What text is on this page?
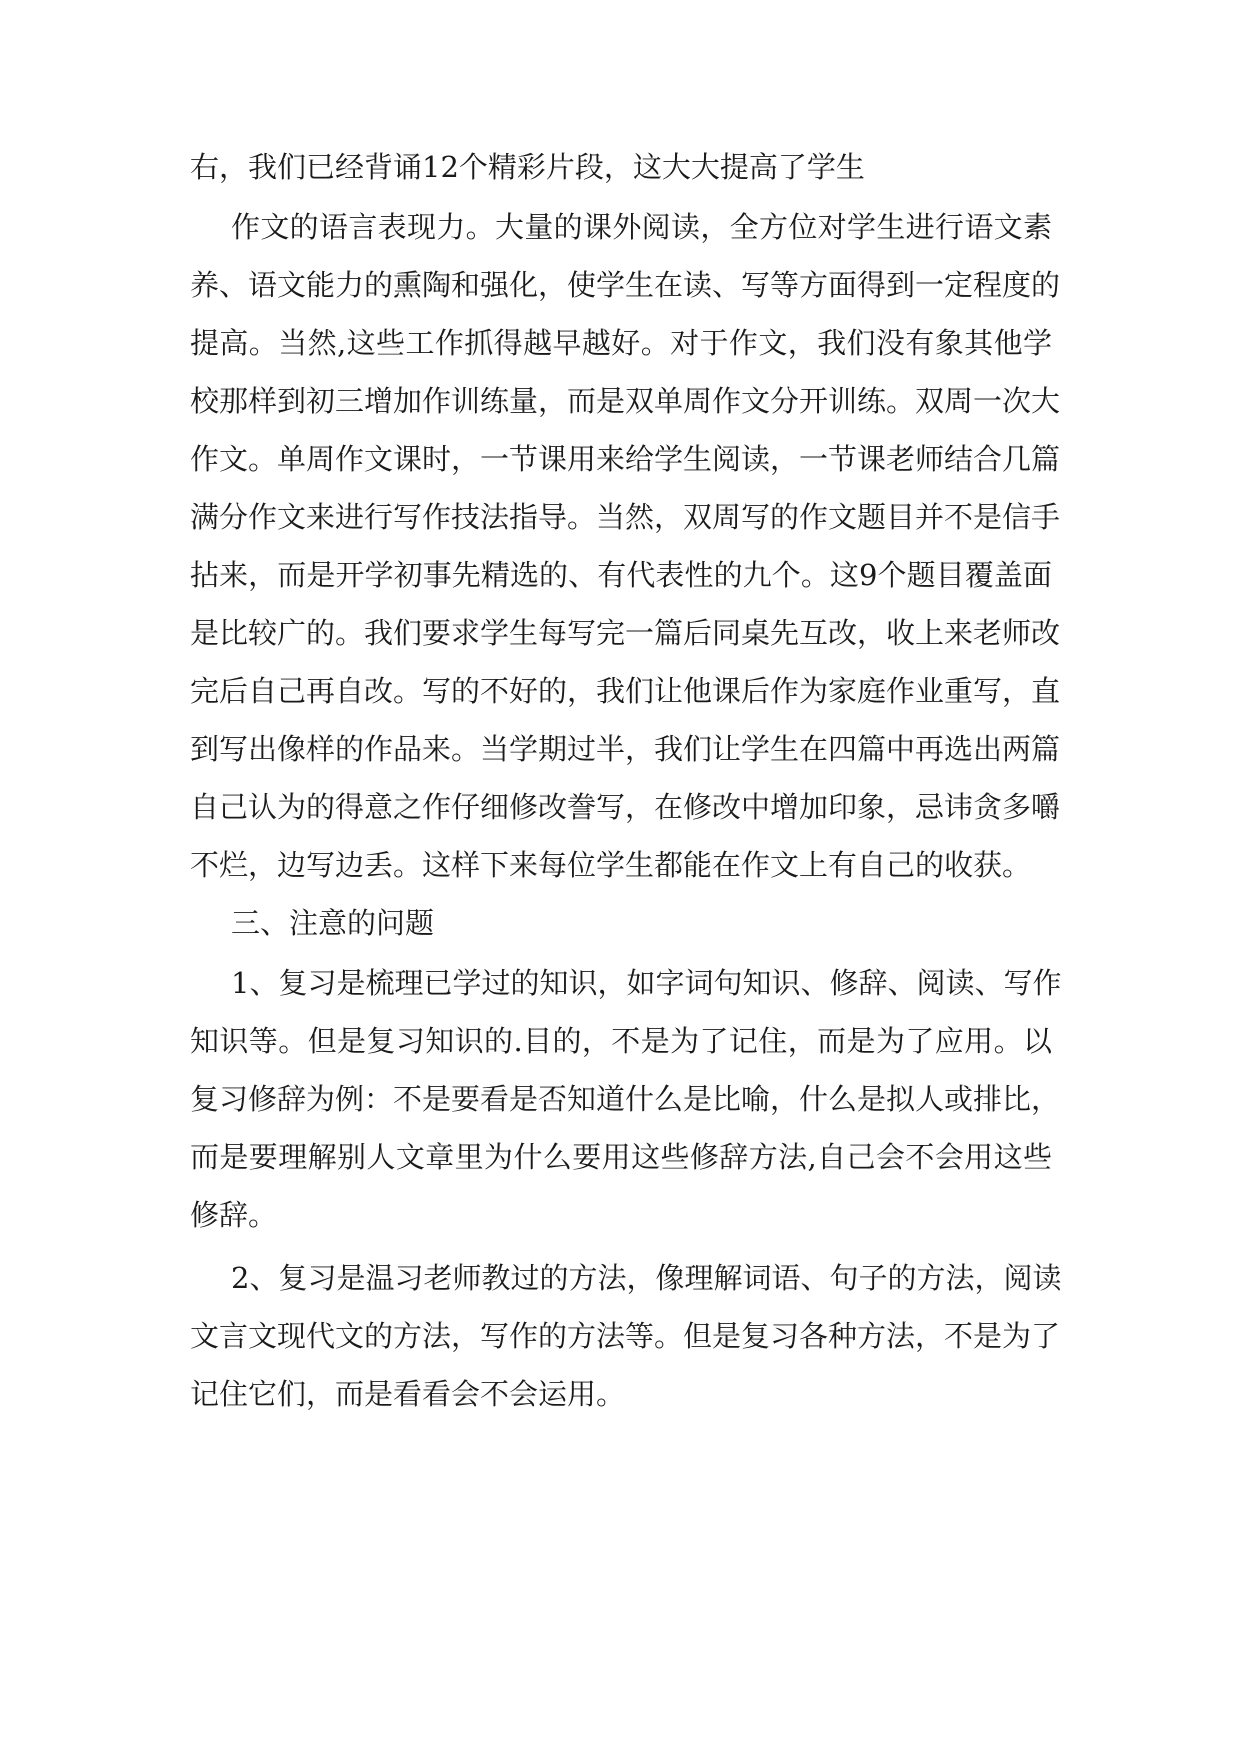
右，我们已经背诵12个精彩片段，这大大提高了学生

作文的语言表现力。大量的课外阅读，全方位对学生进行语文素

养、语文能力的熏陶和强化，使学生在读、写等方面得到一定程度的

提高。当然,这些工作抓得越早越好。对于作文，我们没有象其他学

校那样到初三增加作训练量，而是双单周作文分开训练。双周一次大

作文。单周作文课时，一节课用来给学生阅读，一节课老师结合几篇

满分作文来进行写作技法指导。当然，双周写的作文题目并不是信手

拈来，而是开学初事先精选的、有代表性的九个。这9个题目覆盖面

是比较广的。我们要求学生每写完一篇后同桌先互改，收上来老师改

完后自己再自改。写的不好的，我们让他课后作为家庭作业重写，直

到写出像样的作品来。当学期过半，我们让学生在四篇中再选出两篇

自己认为的得意之作仔细修改誊写，在修改中增加印象，忌讳贪多嚼

不烂，边写边丢。这样下来每位学生都能在作文上有自己的收获。

三、注意的问题

1、复习是梳理已学过的知识，如字词句知识、修辞、阅读、写作

知识等。但是复习知识的.目的，不是为了记住，而是为了应用。以

复习修辞为例：不是要看是否知道什么是比喻，什么是拟人或排比，

而是要理解别人文章里为什么要用这些修辞方法,自己会不会用这些

修辞。

2、复习是温习老师教过的方法，像理解词语、句子的方法，阅读

文言文现代文的方法，写作的方法等。但是复习各种方法，不是为了

记住它们，而是看看会不会运用。
